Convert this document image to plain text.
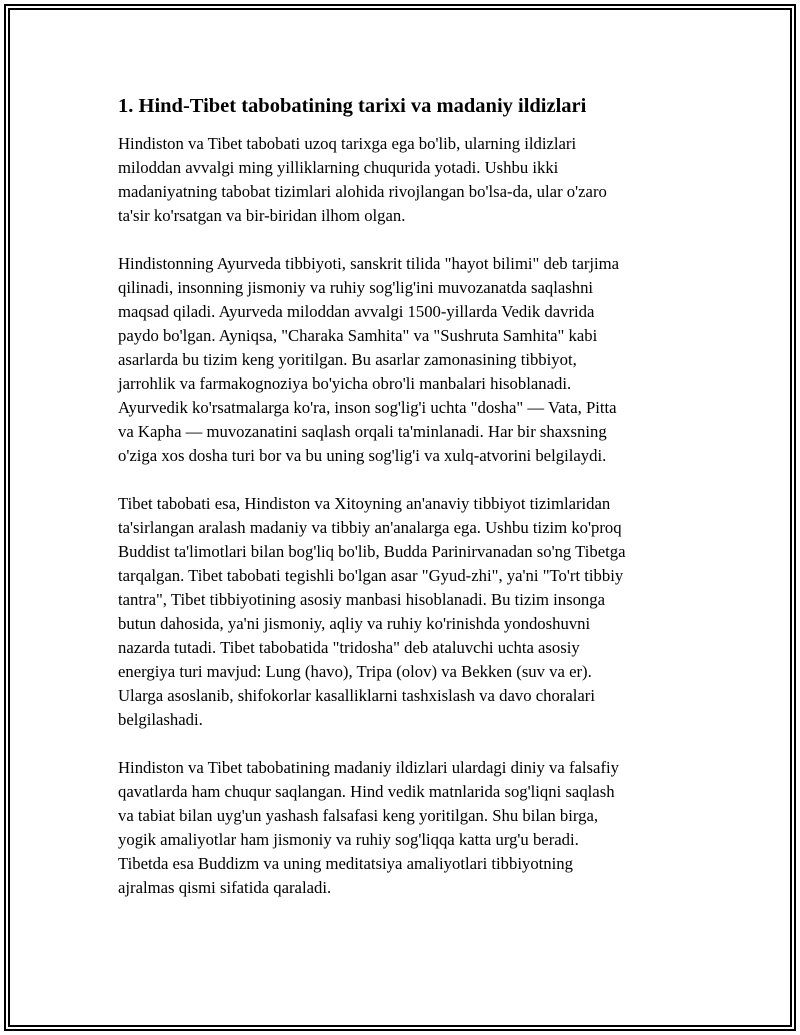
1. Hind-Tibet tabobatining tarixi va madaniy ildizlari

Hindiston va Tibet tabobati uzoq tarixga ega bo'lib, ularning ildizlari
miloddan avvalgi ming yilliklarning chuqurida yotadi. Ushbu ikki
madaniyatning tabobat tizimlari alohida rivojlangan bo'lsa-da, ular o'zaro
ta'sir ko'rsatgan va bir-biridan ilhom olgan.

Hindistonning Ayurveda tibbiyoti, sanskrit tilida "hayot bilimi" deb tarjima
qilinadi, insonning jismoniy va ruhiy sog'lig'ini muvozanatda saqlashni
maqsad qiladi. Ayurveda miloddan avvalgi 1500-yillarda Vedik davrida
paydo bo'lgan. Ayniqsa, "Charaka Samhita" va "Sushruta Samhita" kabi
asarlarda bu tizim keng yoritilgan. Bu asarlar zamonasining tibbiyot,
jarrohlik va farmakognoziya bo'yicha obro'li manbalari hisoblanadi.
Ayurvedik ko'rsatmalarga ko'ra, inson sog'lig'i uchta "dosha" — Vata, Pitta
va Kapha — muvozanatini saqlash orqali ta'minlanadi. Har bir shaxsning
o'ziga xos dosha turi bor va bu uning sog'lig'i va xulq-atvorini belgilaydi.

Tibet tabobati esa, Hindiston va Xitoyning an'anaviy tibbiyot tizimlaridan
ta'sirlangan aralash madaniy va tibbiy an'analarga ega. Ushbu tizim ko'proq
Buddist ta'limotlari bilan bog'liq bo'lib, Budda Parinirvanadan so'ng Tibetga
tarqalgan. Tibet tabobati tegishli bo'lgan asar "Gyud-zhi", ya'ni "To'rt tibbiy
tantra", Tibet tibbiyotining asosiy manbasi hisoblanadi. Bu tizim insonga
butun dahosida, ya'ni jismoniy, aqliy va ruhiy ko'rinishda yondoshuvni
nazarda tutadi. Tibet tabobatida "tridosha" deb ataluvchi uchta asosiy
energiya turi mavjud: Lung (havo), Tripa (olov) va Bekken (suv va er).
Ularga asoslanib, shifokorlar kasalliklarni tashxislash va davo choralari
belgilashadi.

Hindiston va Tibet tabobatining madaniy ildizlari ulardagi diniy va falsafiy
qavatlarda ham chuqur saqlangan. Hind vedik matnlarida sog'liqni saqlash
va tabiat bilan uyg'un yashash falsafasi keng yoritilgan. Shu bilan birga,
yogik amaliyotlar ham jismoniy va ruhiy sog'liqqa katta urg'u beradi.
Tibetda esa Buddizm va uning meditatsiya amaliyotlari tibbiyotning
ajralmas qismi sifatida qaraladi.
